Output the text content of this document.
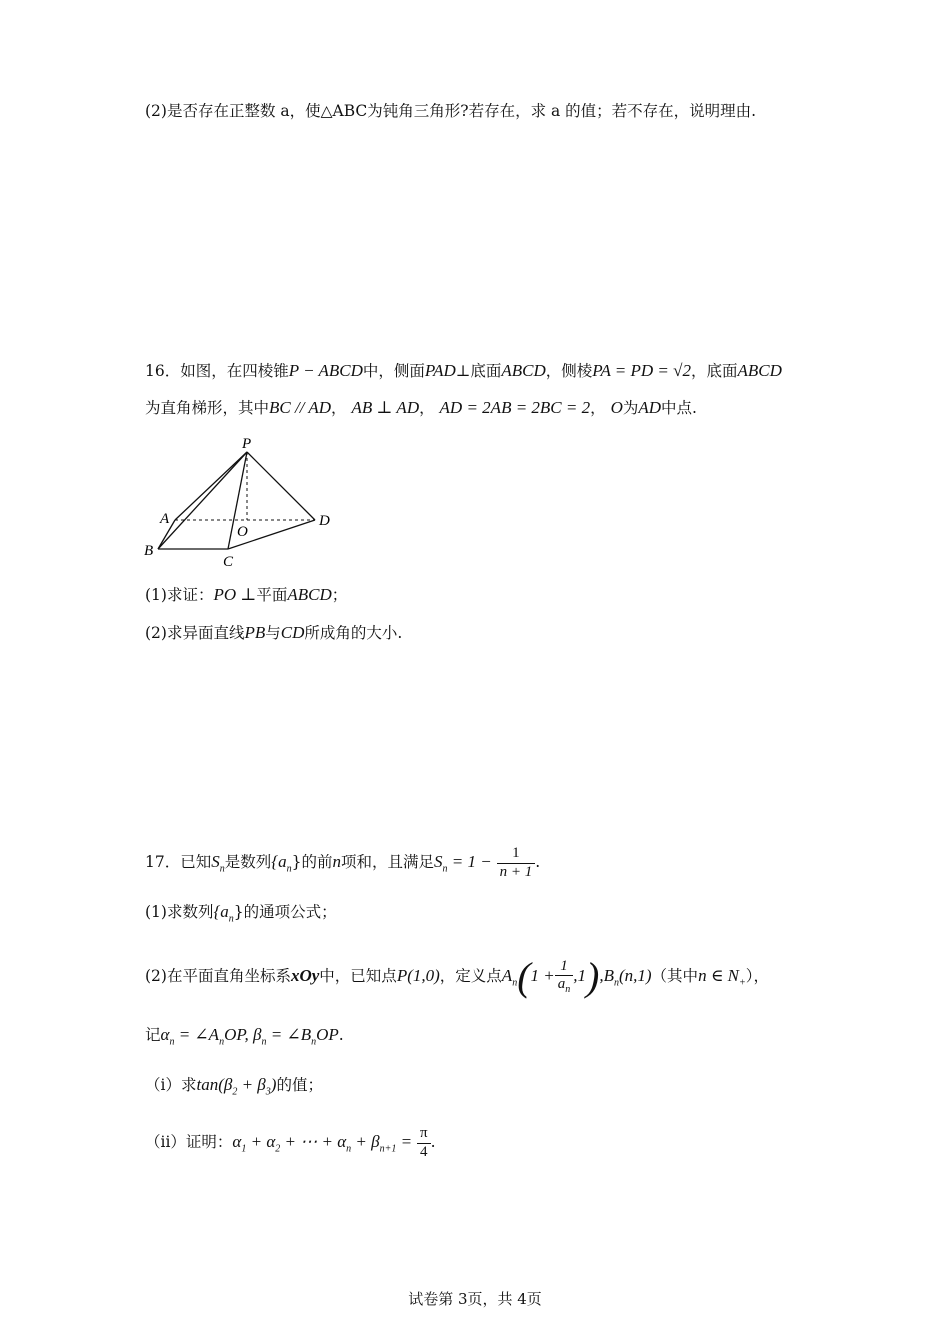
(2)是否存在正整数 a，使△ABC为钝角三角形?若存在，求 a 的值；若不存在，说明理由.
16．如图，在四棱锥P − ABCD中，侧面PAD⊥底面ABCD，侧棱PA = PD = √2，底面ABCD
为直角梯形，其中BC // AD， AB ⊥ AD， AD = 2AB = 2BC = 2， O为AD中点.
P
A
O
D
B
C
(1)求证：PO ⊥平面ABCD；
(2)求异面直线PB与CD所成角的大小.
17．已知$S_n$是数列$\{a_n\}$的前n项和，且满足$S_n = 1 - \frac{1}{n + 1}$ .
(1)求数列$\{a_n\}$的通项公式；
(2)在平面直角坐标系xOy中，已知点P(1,0)，定义点$A_n(1 + \frac{1}{a_n} ,1),B_n(n,1)$（其中n ∈ $N_+$），
记$\alpha_n$ = $\angle A_nOP$, $\beta_n$ = $\angle B_nOP$.
（i）求$\tan(\beta_2 + \beta_3)$的值；
（ii）证明：$\alpha_1 + \alpha_2$ + ⋯ + $\alpha_n + \beta_{n+1} = \frac{\pi}{4}$ .
试卷第 3页，共 4页
